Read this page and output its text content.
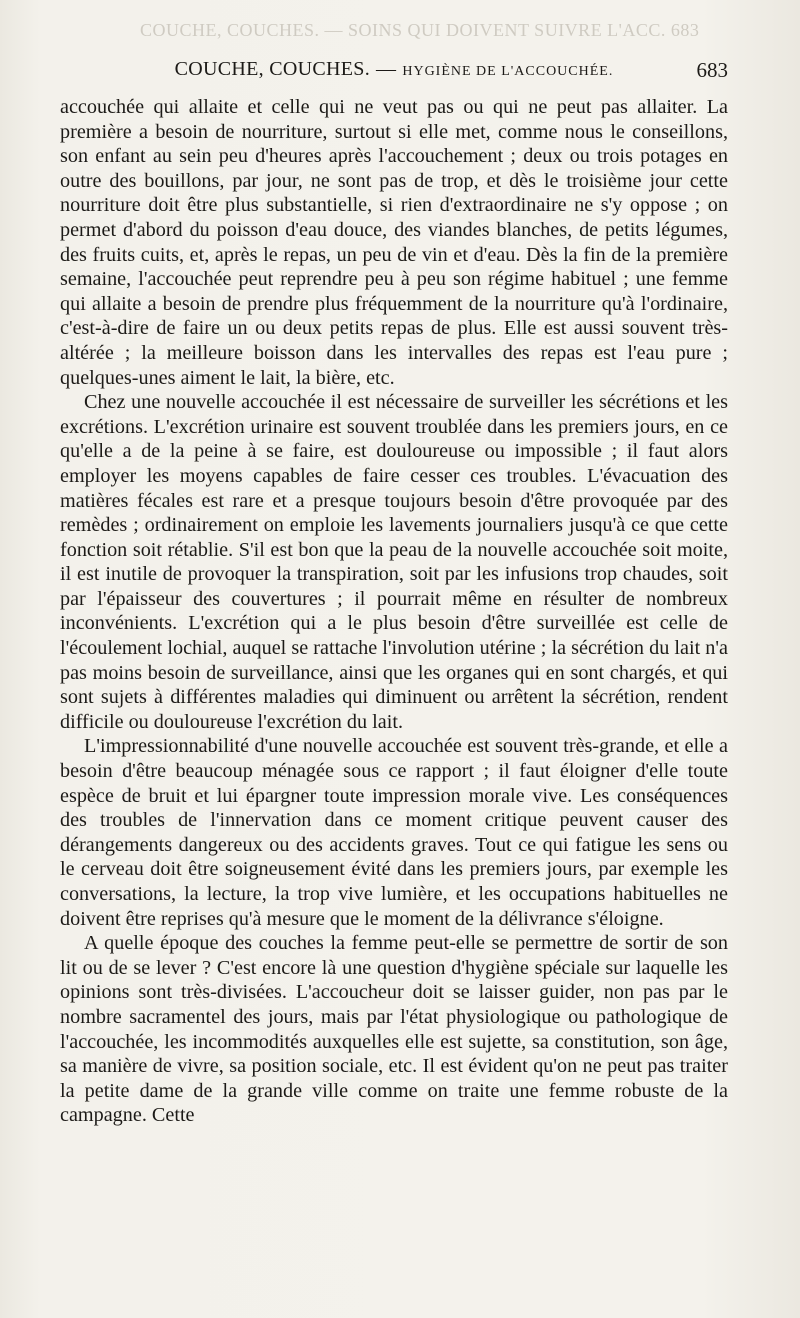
COUCHE, COUCHES. — SOINS QUI DOIVENT SUIVRE L'ACC. 683
COUCHE, COUCHES. — HYGIÈNE DE L'ACCOUCHÉE.	683

accouchée qui allaite et celle qui ne veut pas ou qui ne peut pas allaiter. La première a besoin de nourriture, surtout si elle met, comme nous le conseillons, son enfant au sein peu d'heures après l'accouchement ; deux ou trois potages en outre des bouillons, par jour, ne sont pas de trop, et dès le troisième jour cette nourriture doit être plus substantielle, si rien d'extraordinaire ne s'y oppose ; on permet d'abord du poisson d'eau douce, des viandes blanches, de petits légumes, des fruits cuits, et, après le repas, un peu de vin et d'eau. Dès la fin de la première semaine, l'accouchée peut reprendre peu à peu son régime habituel ; une femme qui allaite a besoin de prendre plus fréquemment de la nourriture qu'à l'ordinaire, c'est-à-dire de faire un ou deux petits repas de plus. Elle est aussi souvent très-altérée ; la meilleure boisson dans les intervalles des repas est l'eau pure ; quelques-unes aiment le lait, la bière, etc.

Chez une nouvelle accouchée il est nécessaire de surveiller les sécrétions et les excrétions. L'excrétion urinaire est souvent troublée dans les premiers jours, en ce qu'elle a de la peine à se faire, est douloureuse ou impossible ; il faut alors employer les moyens capables de faire cesser ces troubles. L'évacuation des matières fécales est rare et a presque toujours besoin d'être provoquée par des remèdes ; ordinairement on emploie les lavements journaliers jusqu'à ce que cette fonction soit rétablie. S'il est bon que la peau de la nouvelle accouchée soit moite, il est inutile de provoquer la transpiration, soit par les infusions trop chaudes, soit par l'épaisseur des couvertures ; il pourrait même en résulter de nombreux inconvénients. L'excrétion qui a le plus besoin d'être surveillée est celle de l'écoulement lochial, auquel se rattache l'involution utérine ; la sécrétion du lait n'a pas moins besoin de surveillance, ainsi que les organes qui en sont chargés, et qui sont sujets à différentes maladies qui diminuent ou arrêtent la sécrétion, rendent difficile ou douloureuse l'excrétion du lait.

L'impressionnabilité d'une nouvelle accouchée est souvent très-grande, et elle a besoin d'être beaucoup ménagée sous ce rapport ; il faut éloigner d'elle toute espèce de bruit et lui épargner toute impression morale vive. Les conséquences des troubles de l'innervation dans ce moment critique peuvent causer des dérangements dangereux ou des accidents graves. Tout ce qui fatigue les sens ou le cerveau doit être soigneusement évité dans les premiers jours, par exemple les conversations, la lecture, la trop vive lumière, et les occupations habituelles ne doivent être reprises qu'à mesure que le moment de la délivrance s'éloigne.

A quelle époque des couches la femme peut-elle se permettre de sortir de son lit ou de se lever ? C'est encore là une question d'hygiène spéciale sur laquelle les opinions sont très-divisées. L'accoucheur doit se laisser guider, non pas par le nombre sacramentel des jours, mais par l'état physiologique ou pathologique de l'accouchée, les incommodités auxquelles elle est sujette, sa constitution, son âge, sa manière de vivre, sa position sociale, etc. Il est évident qu'on ne peut pas traiter la petite dame de la grande ville comme on traite une femme robuste de la campagne. Cette
